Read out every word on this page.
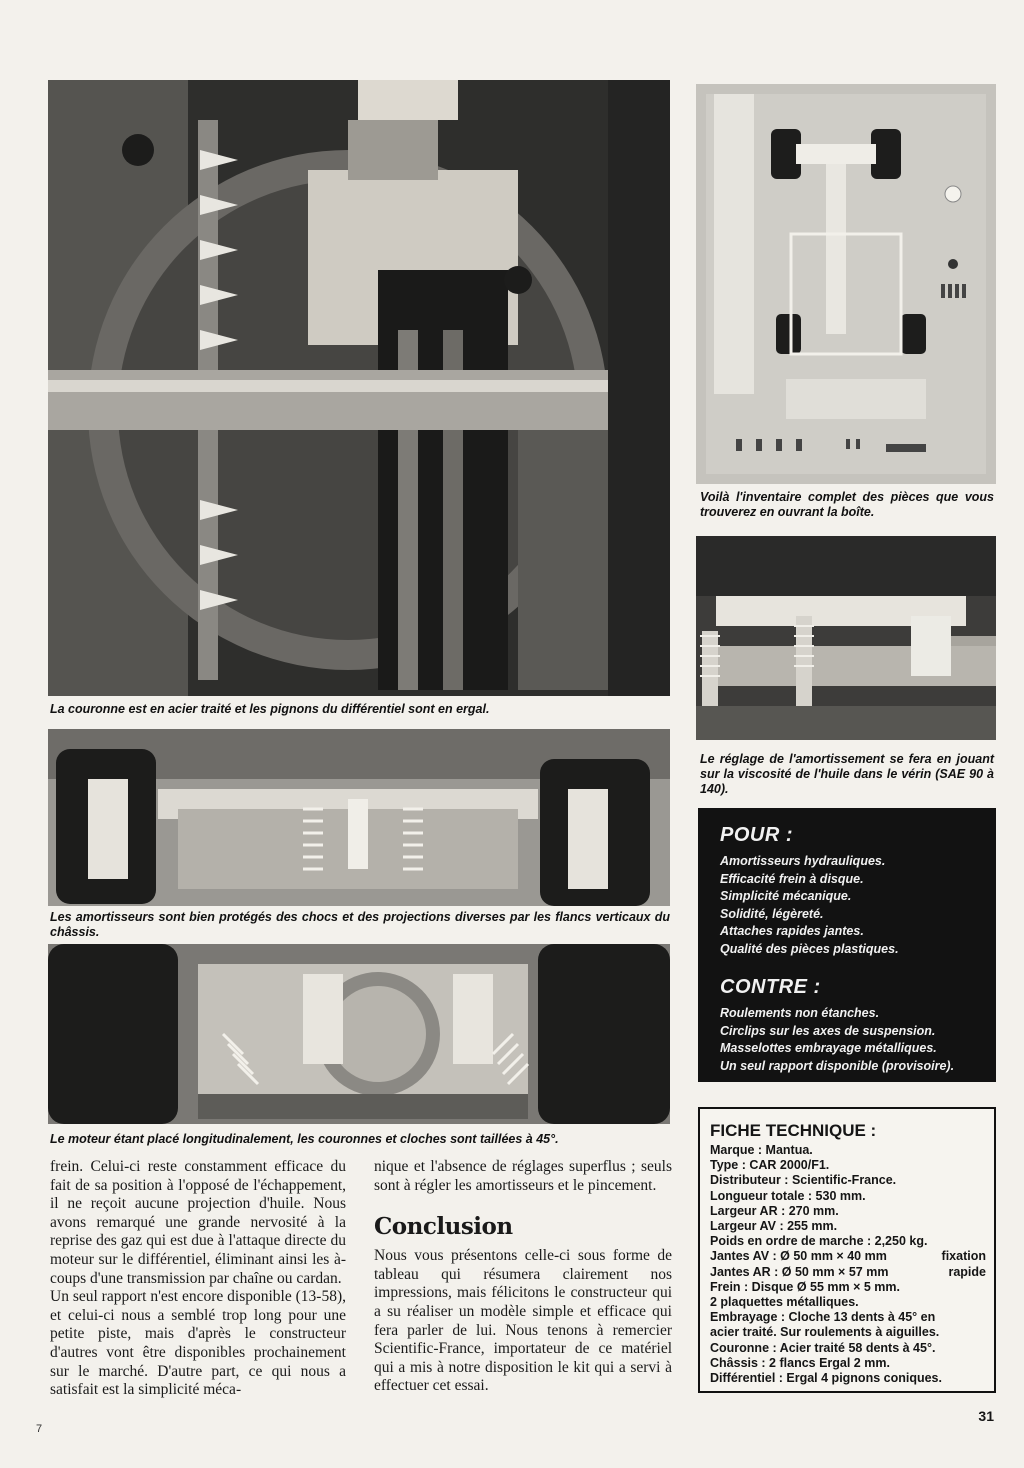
La couronne est en acier traité et les pignons du différentiel sont en ergal.
Voilà l'inventaire complet des pièces que vous trouverez en ouvrant la boîte.
Le réglage de l'amortissement se fera en jouant sur la viscosité de l'huile dans le vérin (SAE 90 à 140).
Les amortisseurs sont bien protégés des chocs et des projections diverses par les flancs verticaux du châssis.
Le moteur étant placé longitudinalement, les couronnes et cloches sont taillées à 45°.

frein. Celui-ci reste constamment efficace du fait de sa position à l'opposé de l'échappement, il ne reçoit aucune projection d'huile. Nous avons remarqué une grande nervosité à la reprise des gaz qui est due à l'attaque directe du moteur sur le différentiel, éliminant ainsi les à-coups d'une transmission par chaîne ou cardan.

Un seul rapport n'est encore disponible (13-58), et celui-ci nous a semblé trop long pour une petite piste, mais d'après le constructeur d'autres vont être disponibles prochainement sur le marché. D'autre part, ce qui nous a satisfait est la simplicité méca-

nique et l'absence de réglages superflus ; seuls sont à régler les amortisseurs et le pincement.

Conclusion

Nous vous présentons celle-ci sous forme de tableau qui résumera clairement nos impressions, mais félicitons le constructeur qui a su réaliser un modèle simple et efficace qui fera parler de lui. Nous tenons à remercier Scientific-France, importateur de ce matériel qui a mis à notre disposition le kit qui a servi à effectuer cet essai.

POUR :
Amortisseurs hydrauliques.
Efficacité frein à disque.
Simplicité mécanique.
Solidité, légèreté.
Attaches rapides jantes.
Qualité des pièces plastiques.
CONTRE :
Roulements non étanches.
Circlips sur les axes de suspension.
Masselottes embrayage métalliques.
Un seul rapport disponible (provisoire).
FICHE TECHNIQUE :
Marque : Mantua.
Type : CAR 2000/F1.
Distributeur : Scientific-France.
Longueur totale : 530 mm.
Largeur AR : 270 mm.
Largeur AV : 255 mm.
Poids en ordre de marche : 2,250 kg.
fixation
Jantes AV : Ø 50 mm × 40 mm
rapide
Jantes AR : Ø 50 mm × 57 mm
Frein : Disque Ø 55 mm × 5 mm.
2 plaquettes métalliques.
Embrayage : Cloche 13 dents à 45° en
acier traité. Sur roulements à aiguilles.
Couronne : Acier traité 58 dents à 45°.
Châssis : 2 flancs Ergal 2 mm.
Différentiel : Ergal 4 pignons coniques.
31
7
